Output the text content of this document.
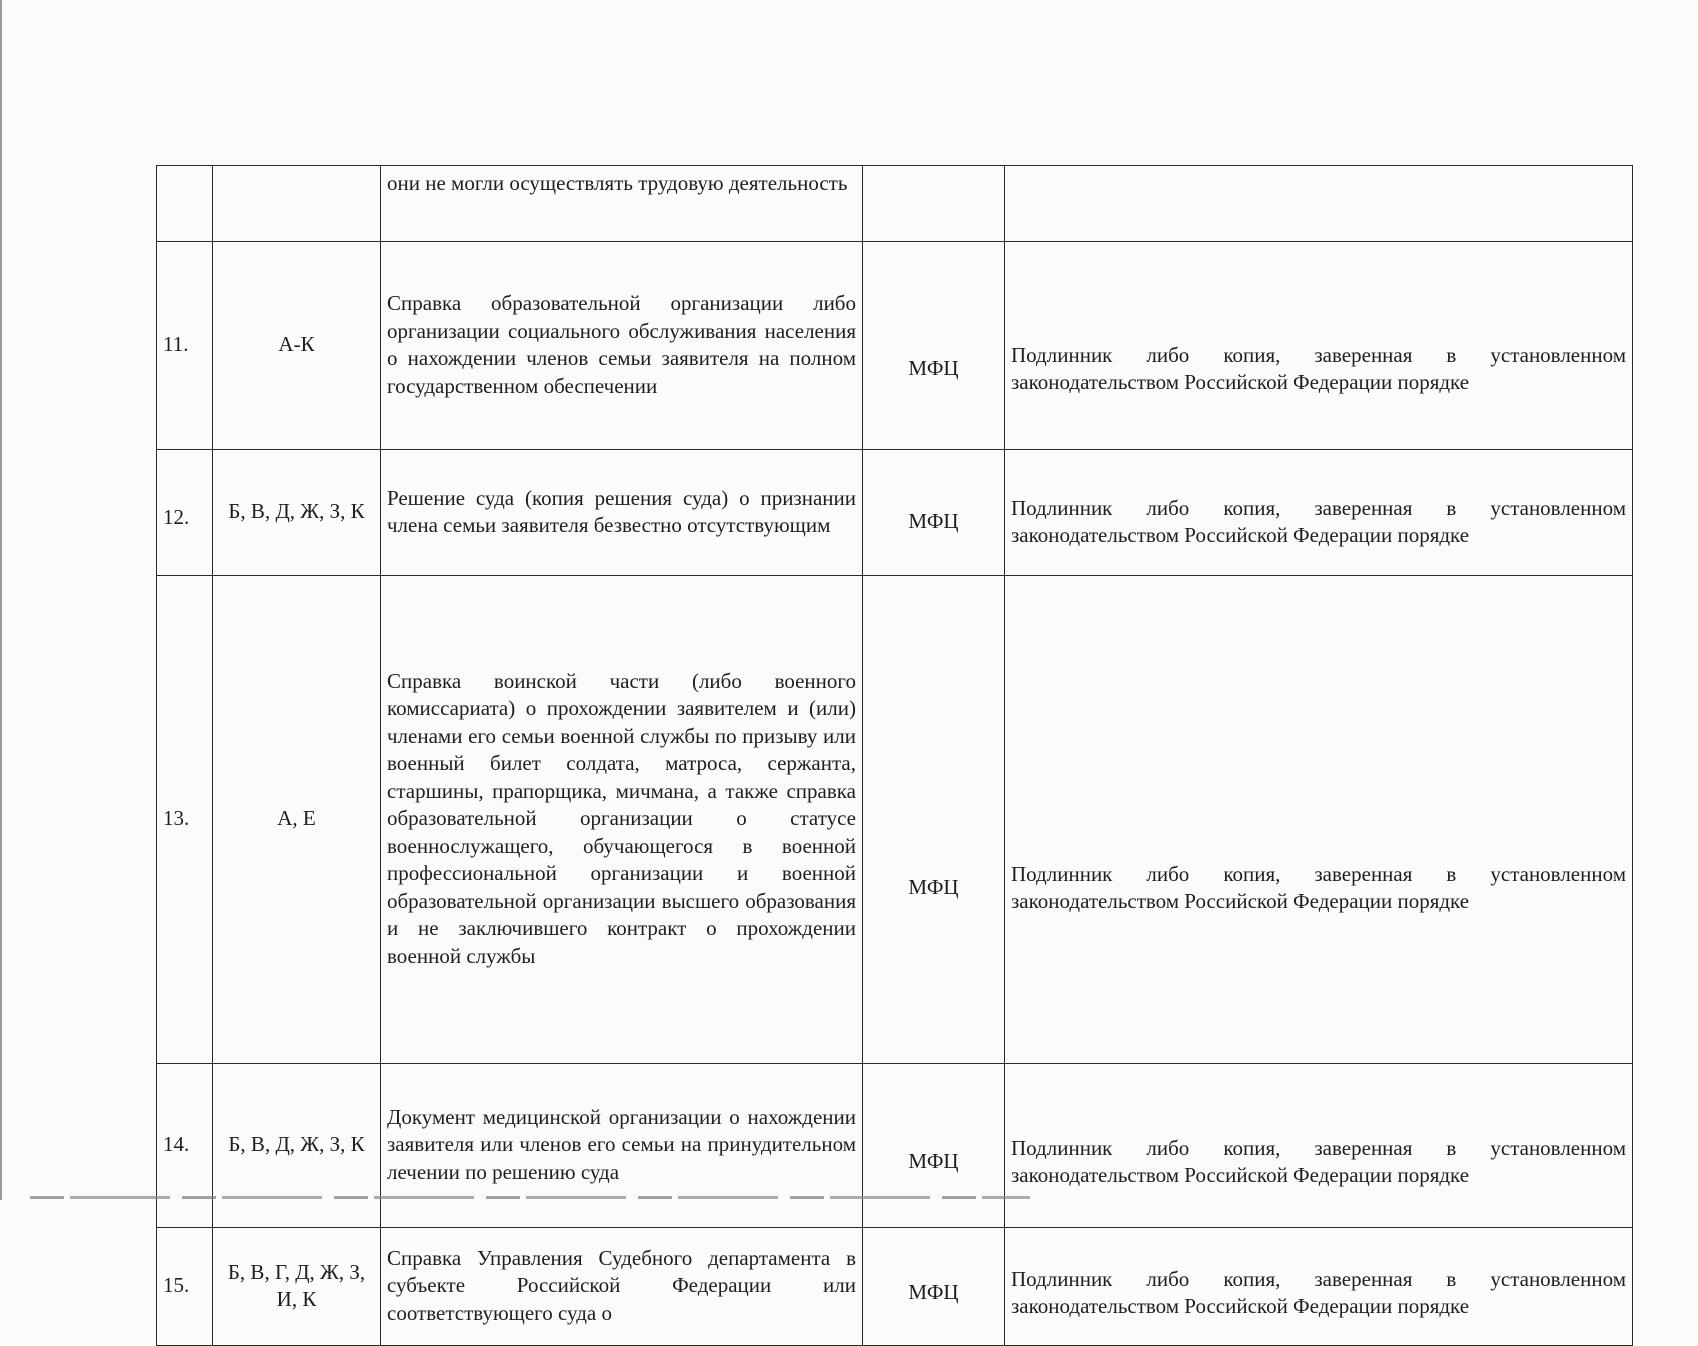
		они не могли осуществлять трудовую деятельность		
11.	А-К	Справка образовательной организации либо организации социального обслуживания населения о нахождении членов семьи заявителя на полном государственном обеспечении	МФЦ	Подлинник либо копия, заверенная в установленном законодательством Российской Федерации порядке
12.	Б, В, Д, Ж, З, К	Решение суда (копия решения суда) о признании члена семьи заявителя безвестно отсутствующим	МФЦ	Подлинник либо копия, заверенная в установленном законодательством Российской Федерации порядке
13.	А, Е	Справка воинской части (либо военного комиссариата) о прохождении заявителем и (или) членами его семьи военной службы по призыву или военный билет солдата, матроса, сержанта, старшины, прапорщика, мичмана, а также справка образовательной организации о статусе военнослужащего, обучающегося в военной профессиональной организации и военной образовательной организации высшего образования и не заключившего контракт о прохождении военной службы	МФЦ	Подлинник либо копия, заверенная в установленном законодательством Российской Федерации порядке
14.	Б, В, Д, Ж, З, К	Документ медицинской организации о нахождении заявителя или членов его семьи на принудительном лечении по решению суда	МФЦ	Подлинник либо копия, заверенная в установленном законодательством Российской Федерации порядке
15.	Б, В, Г, Д, Ж, З, И, К	Справка Управления Судебного департамента в субъекте Российской Федерации или соответствующего суда о	МФЦ	Подлинник либо копия, заверенная в установленном законодательством Российской Федерации порядке
